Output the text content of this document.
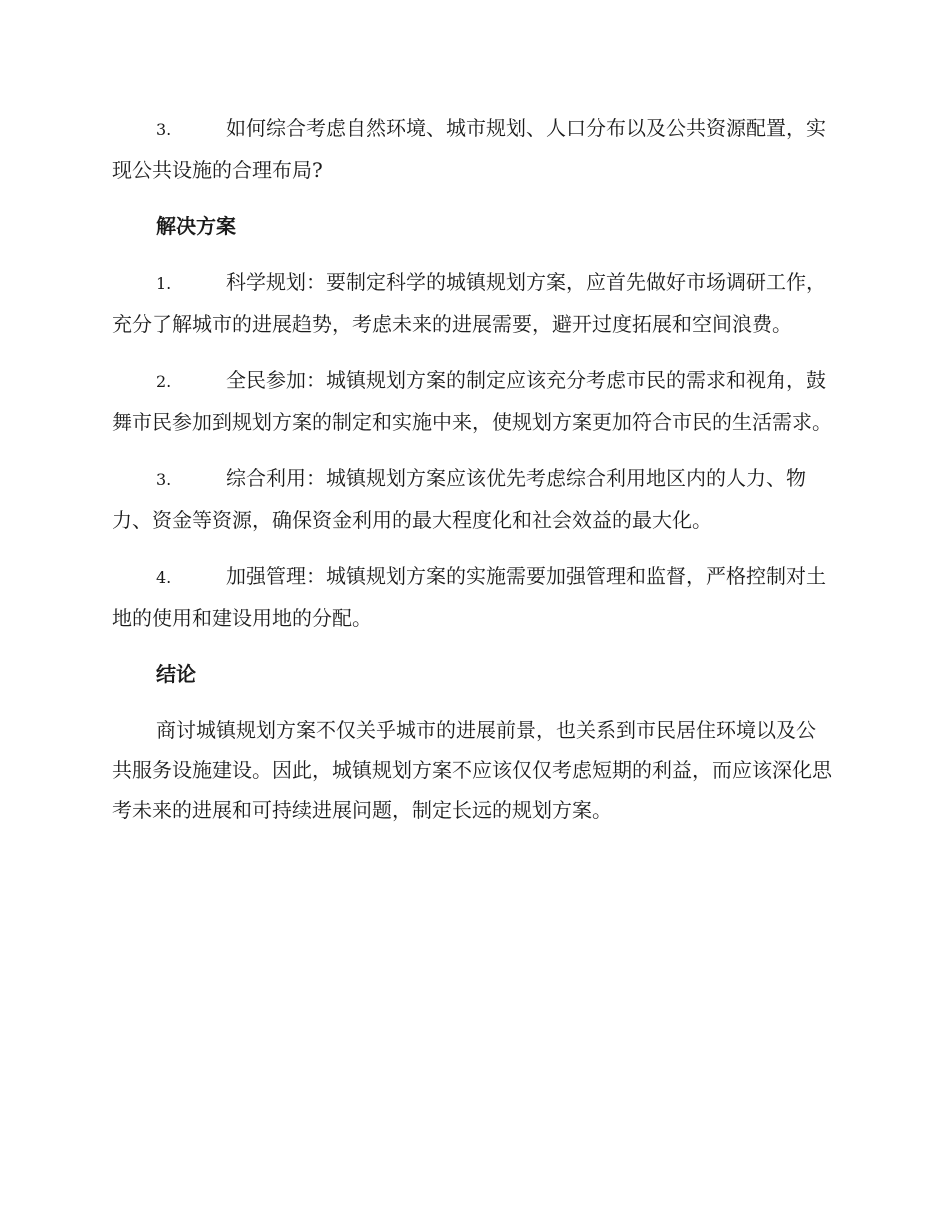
3.	如何综合考虑自然环境、城市规划、人口分布以及公共资源配置，实现公共设施的合理布局?

解决方案

1.	科学规划：要制定科学的城镇规划方案，应首先做好市场调研工作，充分了解城市的进展趋势，考虑未来的进展需要，避开过度拓展和空间浪费。

2.	全民参加：城镇规划方案的制定应该充分考虑市民的需求和视角，鼓舞市民参加到规划方案的制定和实施中来，使规划方案更加符合市民的生活需求。

3.	综合利用：城镇规划方案应该优先考虑综合利用地区内的人力、物力、资金等资源，确保资金利用的最大程度化和社会效益的最大化。

4.	加强管理：城镇规划方案的实施需要加强管理和监督，严格控制对土地的使用和建设用地的分配。

结论

商讨城镇规划方案不仅关乎城市的进展前景，也关系到市民居住环境以及公共服务设施建设。因此，城镇规划方案不应该仅仅考虑短期的利益，而应该深化思考未来的进展和可持续进展问题，制定长远的规划方案。
